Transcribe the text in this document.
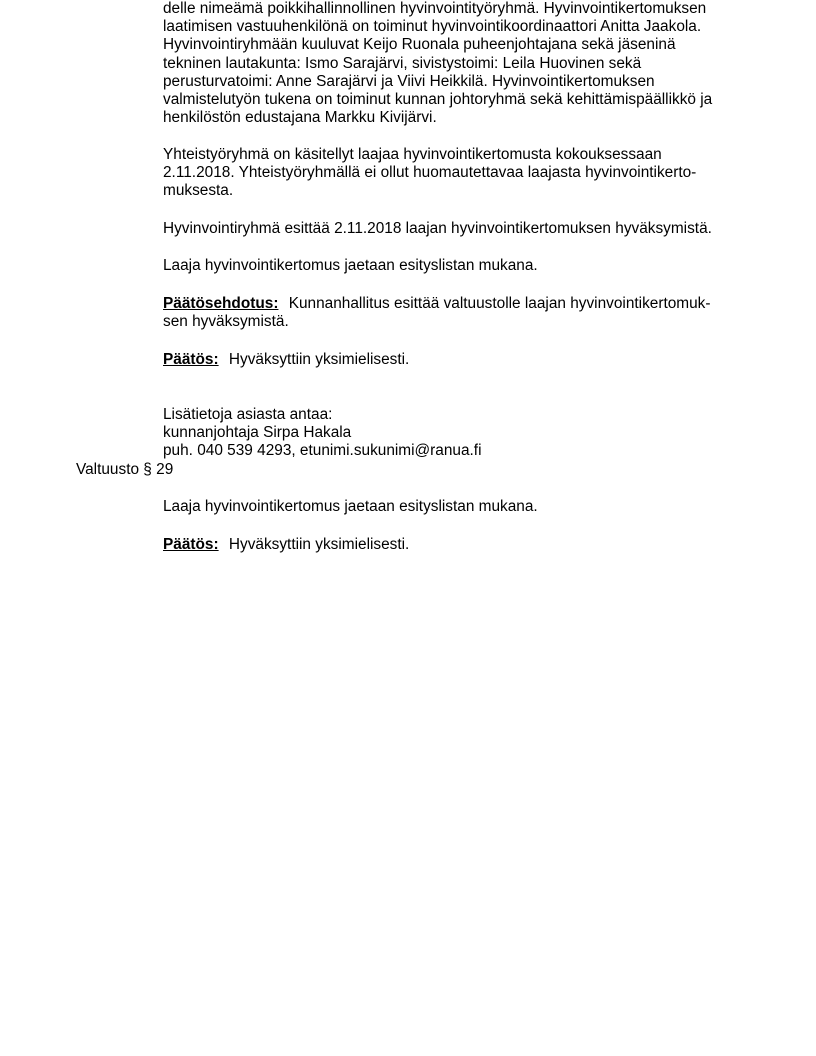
delle nimeämä poikkihallinnollinen hyvinvointityöryhmä. Hyvinvointikertomuksen
laatimisen vastuuhenkilönä on toiminut hyvinvointikoordinaattori Anitta Jaakola.
Hyvinvointiryhmään kuuluvat Keijo Ruonala puheenjohtajana sekä jäseninä
tekninen lautakunta: Ismo Sarajärvi, sivistystoimi: Leila Huovinen sekä
perusturvatoimi: Anne Sarajärvi ja Viivi Heikkilä. Hyvinvointikertomuksen
valmistelutyön tukena on toiminut kunnan johtoryhmä sekä kehittämispäällikkö ja
henkilöstön edustajana Markku Kivijärvi.
Yhteistyöryhmä on käsitellyt laajaa hyvinvointikertomusta kokouksessaan
2.11.2018. Yhteistyöryhmällä ei ollut huomautettavaa laajasta hyvinvointikerto-
muksesta.
Hyvinvointiryhmä esittää 2.11.2018 laajan hyvinvointikertomuksen hyväksymistä.
Laaja hyvinvointikertomus jaetaan esityslistan mukana.
Päätösehdotus: Kunnanhallitus esittää valtuustolle laajan hyvinvointikertomuk-
sen hyväksymistä.
Päätös: Hyväksyttiin yksimielisesti.
Lisätietoja asiasta antaa:
kunnanjohtaja Sirpa Hakala
puh. 040 539 4293, etunimi.sukunimi@ranua.fi
Valtuusto § 29
Laaja hyvinvointikertomus jaetaan esityslistan mukana.
Päätös: Hyväksyttiin yksimielisesti.
